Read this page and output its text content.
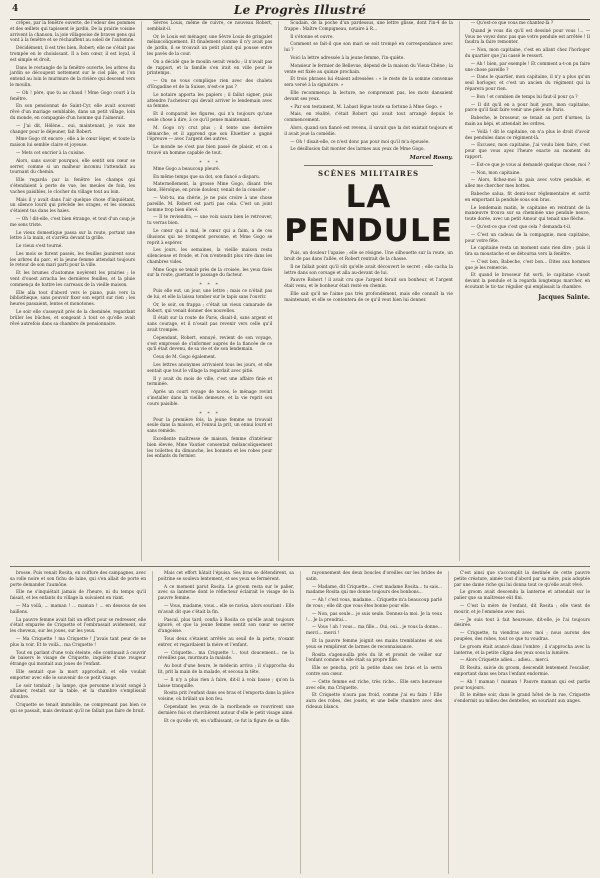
4	Le Progrès Illustré

crêpes, par la fenêtre ouverte, de l'odeur des pommes et des œillets qui tapissent le jardin. De la prairie voisine arrivent la chanson, la joie villageoise de braves gens qui vont à la fenêtre et se réchauffent au soleil de l'automne.

Décidément, il est très bien, Robert; elle ne s'était pas trompée en le choisissant. Il a bon cœur, il est loyal, il est simple et droit.

Dans le rectangle de la fenêtre ouverte, les arbres du jardin se découpent nettement sur le ciel pâle, et l'on entend au loin le murmure de la rivière qui descend vers le moulin.

— Oh ! père, que tu as chaud ! Mme Gogo court à la fenêtre.

En son pensionnat de Saint-Cyr, elle avait souvent rêvé d'un mariage semblable, dans un petit village, loin du monde, en compagnie d'un homme qui l'aimerait.

— J'ai dit, Hélène... oui, maintenant, je vais me changer pour le déjeuner, fait Robert.

Mme Gogo rit encore ; elle a le cœur léger, et toute la maison lui semble claire et joyeuse.

— Mets cet encrier à la cuisine.

Alors, sans savoir pourquoi, elle sentit son cœur se serrer, comme si un malheur inconnu l'attendait au tournant du chemin.

Elle regarda par la fenêtre les champs qui s'étendaient à perte de vue, les meules de foin, les vaches paisibles, le clocher du village tout au loin.

Mais il y avait dans l'air quelque chose d'inquiétant, un silence lourd qui précède les orages, et les oiseaux s'étaient tus dans les haies.

— Oh ! dit-elle, c'est bien étrange, et tout d'un coup je me sens triste.

Le vieux domestique passa sur la route, portant une lettre à la main, et s'arrêta devant la grille.

Le vieux s'est tourné.

Les mois se furent passés, les feuilles jaunirent sous les arbres du parc, et la jeune femme attendait toujours le retour de son mari parti pour la ville.

Et les brumes d'automne noyèrent les prairies ; le vent d'ouest arracha les dernières feuilles, et la pluie commença de battre les carreaux de la vieille maison.

Elle alla tout d'abord vers le piano, puis vers la bibliothèque, sans pouvoir fixer son esprit sur rien ; les heures passaient, lentes et monotones.

Le soir elle s'asseyait près de la cheminée, regardant brûler les bûches, et songeant à tout ce qu'elle avait rêvé autrefois dans sa chambre de pensionnaire.

Sèvres Louis, même de cuivre, ce nouveau Robert, semblait-il.

Or, le Louis est ménager, une Sèvre Louis de gringalet mélancoliquement. Et finalement comme il n'y avait pas de jardin, il se trouvait un petit plant qui pousse entre les pavés de la cour.

On a décidé que le moulin serait vendu ; il n'avait pas de rapport, et la famille s'en irait en ville pour le printemps.

— On ne vous complique rien avec des chalets d'Engadine et de la Suisse, n'est-ce pas ?

Le notaire apporta les papiers ; il fallut signer, puis attendre l'acheteur qui devait arriver le lendemain avec sa femme.

Et il comparait les figures, qui n'a toujours qu'une seule chose à dire, à ce qu'il pense maintenant.

M. Gogo n'y crut plus ; il tente une dernière démarche, et il apprend que son Eluettier a gagné l'épreuve — avec l'argent des autres.

Le monde ne s'est pas bien passé de plaisir, et on a trouvé un homme capable de tout.

* * *

Mme Gogo a beaucoup pleuré.

En même temps que sa dot, son fiancé a disparu.

Maternellement, la grosse Mme Gogo, disant très bien, Héroïque, en proie douleur, venait de la consoler :

— Voit-tu, ma chérie, je ne puis croire à une chose pareille. M. Robert est parti pas cela. C'est un joint homme trop bien élevé.

— Il te reviendra, — une voix saura bien le retrouver, tu verras bien.

Le cœur qui a mal, le cœur qui a faim, a de ces illusions qui ne trompent personne, et Mme Gogo se reprit à espérer.

Les jours, les semaines, la vieille maison resta silencieuse et froide, et l'on n'entendit plus rire dans les chambres vides.

Mme Gogo se tenait près de la croisée, les yeux fixés sur la route, guettant le passage du facteur.

* * *

Puis elle eut, un jour, une lettre ; mais ce n'était pas de lui, et elle la laissa tomber sur le tapis sans l'ouvrir.

Or, le soir, on frappa ; c'était un vieux camarade de Robert, qui venait donner des nouvelles.

Il était sur la route de Paris, disait-il, sans argent et sans courage, et il n'osait pas revenir vers celle qu'il avait trompée.

Cependant, Robert, ennuyé, revient de son voyage, s'est empressé de s'informer auprès de la fiancée de ce qu'il était devenu, de sa vie et de son lendemain.

Ceux de M. Gogo également.

Les lettres anonymes arrivaient tous les jours, et elle sentait que tout le village la regardait avec pitié.

Il y avait du mois de ville, c'est une affaire finie et terminée.

Après un court voyage de noces, le ménage revint s'installer dans la vieille demeure, et la vie reprit son cours paisible.

* * *

Pour la première fois, la jeune femme se trouvait seule dans la maison, et l'ennui la prit, un ennui lourd et sans remède.

Excellente maîtresse de maison, femme d'intérieur bien élevée, Mme Vautier consentait mélancoliquement les toilettes du dimanche, les bonnets et les robes pour les enfants du fermier.

Scudain, de la poche d'un pardessus, une lettre glisse, dont l'in-4 de la frappe : Maître Compigneau, notaire à R...

Il s'étonne et ouvre.

Comment se fait-il que son mari se soit trompé en correspondance avec lui ?

Voici la lettre adressée à la jeune femme, l'in-quiète.

Monsieur le fermier de Bellevue, dépend de la maison du Vieux-Chêne ; la vente est fixée au quinze prochain.

Et trois phrases lui étaient adressées : « le reste de la somme convenue sera versé à la signature. »

Elle recommença la lecture, ne comprenant pas, les mots dansaient devant ses yeux.

« Par son testament, M. Labast lègue toute sa fortune à Mme Gogo. »

Mais, en réalité, c'était Robert qui avait tout arrangé depuis le commencement.

Alors, quand son fiancé est revenu, il savait que la dot existait toujours et il avait joué la comédie.

— Oh ! disait-elle, ce n'est donc pas pour moi qu'il m'a épousée.

Le désillusion fait monter des larmes aux yeux de Mme Gogo.

Marcel Rosny.
SCÈNES MILITAIRES
LA PENDULE

Puis, un douleur l'apaise ; elle se résigne. Une silhouette sur la route, un bruit de pas dans l'allée, et Robert rentrait de la chasse.

Il ne fallait point qu'il sût qu'elle avait découvert le secret ; elle cacha la lettre dans son corsage et alla au-devant de lui.

Pauvre Robert ! il avait cru que l'argent ferait son bonheur, et l'argent était venu, et le bonheur était resté en chemin.

Elle sait qu'il ne l'aime pas très profondément, mais elle connaît la vie maintenant, et elle se contentera de ce qu'il veut bien lui donner.

— Qu'est-ce que vous me chantez-là ?

Quand je vous dis qu'il est dessiné pour vous !... — Vous ne voyez donc pas que votre pendule est arrêtée ! Il faudra la faire remonter.

— Non, mon capitaine, c'est en allant chez l'horloger du quartier que j'ai cassé le ressort.

— Ah ! bien, par exemple ! Et comment a-t-on pu faire une chose pareille ?

— Dans le quartier, mon capitaine, il n'y a plus qu'un seul horloger, et c'est un ancien du régiment qui la réparera pour rien.

— Bon ! et combien de temps lui faut-il pour ça ?

— Il dit qu'il en a pour huit jours, mon capitaine, parce qu'il faut faire venir une pièce de Paris.

Babeche, le brosseur, se tenait au port d'armes, la main au képi, et attendait les ordres.

— Voilà ! dit le capitaine, on n'a plus le droit d'avoir des pendules dans ce régiment-là.

— Excusez, mon capitaine, j'ai voulu bien faire, c'est pour que vous ayez l'heure exacte au moment du rapport.

— Est-ce que je vous ai demandé quelque chose, moi ?

— Non, mon capitaine.

— Alors, fichez-moi la paix avec votre pendule, et allez me chercher mes bottes.

Babeche salua, fit demi-tour réglementaire et sortit en emportant la pendule sous son bras.

Le lendemain matin, le capitaine en rentrant de la manœuvre trouva sur sa cheminée une pendule neuve, toute dorée, avec un petit Amour qui tenait une flèche.

— Qu'est-ce que c'est que cela ? demanda-t-il.

— C'est un cadeau de la compagnie, mon capitaine, pour votre fête.

Le capitaine resta un moment sans rien dire ; puis il tira sa moustache et se détourna vers la fenêtre.

— C'est bon, Babeche, c'est bon... Dites aux hommes que je les remercie.

Et quand le brosseur fut sorti, le capitaine s'assit devant la pendule et la regarda longtemps marcher, en écoutant le tic-tac régulier qui emplissait la chambre.

Jacques Sainte.

brosse. Puis venait Rosita, en coiffure des campagnes, avec sa rolle noire et son fichu de laine, qui s'en allait de porte en porte demander l'aumône.

Elle ne s'inquiétait jamais de l'heure, ni du temps qu'il faisait, et les enfants du village la suivaient en riant.

— Ma voilà, ... maman ! ... maman ! ... en dessous de ses haillons.

La pauvre femme avait fait un effort pour se redresser, elle s'était emparée de Criquette et l'embrassait avidement, sur les cheveux, sur les joues, sur les yeux.

— Ma Criquette ! ma Criquette ! J'avais tant peur de ne plus la voir. Et te voilà... ma Criquette !

Tout en parlant d'une voix éteinte, elle continuait à couvrir de baisers le visage de Criquette, inquiète d'une rougeur étrange qui montait aux joues de l'enfant.

Elle sentait que la mort approchait, et elle voulait emporter avec elle le souvenir de ce petit visage.

Le soir tombait ; la lampe, que personne n'avait songé à allumer, restait sur la table, et la chambre s'emplissait d'ombre.

Criquette se tenait immobile, ne comprenant pas bien ce qui se passait, mais devinant qu'il ne fallait pas faire de bruit.

Mais cet effort hâtait l'épuisa. Ses bras se détendirent, sa poitrine se souleva lentement, et ses yeux se fermèrent.

A ce moment parut Rosita. Le groom resta sur le palier, avec sa lanterne dont le réflecteur éclairait le visage de la pauvre femme.

— Vous, madame, vous... elle se ravisa, alors souriant : Elle m'avait dit que c'était la fin.

Pascal, plus tard, confia à Rosita ce qu'elle avait toujours ignoré, et que la jeune femme sentit son cœur se serrer d'angoisse.

Tous deux s'étaient arrêtés au seuil de la porte, n'osant entrer, et regardaient la mère et l'enfant.

— Criquette... ma Criquette !... tout doucement... ne la réveillez pas, murmura la malade.

Au bout d'une heure, le médecin arriva ; il s'approcha du lit, prit la main de la malade, et secoua la tête.

— Il n'y a plus rien à faire, dit-il à voix basse ; qu'on la laisse tranquille.

Rosita prit l'enfant dans ses bras et l'emporta dans la pièce voisine, où brûlait un bon feu.

Cependant les yeux de la moribonde se rouvrirent une dernière fois et cherchèrent autour d'elle le petit visage aimé.

Et ce qu'elle vit, en s'affaissant, ce fut la figure de sa fille.

rayonnement des deux boucles d'oreilles sur les brides de satin.

— Madame, dit Criquette... c'est madame Rosita... tu sais... madame Rosita qui me donne toujours des bonbons...

— Ah ! c'est vous, madame... Criquette m'a beaucoup parlé de vous ; elle dit que vous êtes bonne pour elle.

— Non, pas seule... je suis seule. Donnez-la moi. Je la veux !... Je la prendrai...

— Vous ! ah ! vous... ma fille... Oui, oui... je vous la donne... merci... merci !

Et la pauvre femme joignit ses mains tremblantes et ses yeux se remplirent de larmes de reconnaissance.

Rosita s'agenouilla près du lit et promit de veiller sur l'enfant comme si elle était sa propre fille.

Elle se pencha, prit la petite dans ses bras et la serra contre son cœur.

— Cette femme est riche, très riche... Elle sera heureuse avec elle, ma Criquette.

Et Criquette n'aura pas froid, comme j'ai eu faim ! Elle aura des robes, des jouets, et une belle chambre avec des rideaux blancs.

C'est ainsi que s'accomplit la destinée de cette pauvre petite créature, aimée tout d'abord par sa mère, puis adoptée par une dame riche qui lui donna tout ce qu'elle avait rêvé.

Le groom avait descendu la lanterne et attendait sur le palier que sa maîtresse eût fini.

— C'est la mère de l'enfant, dit Rosita ; elle vient de mourir, et je l'emmène avec moi.

— Je suis tout à fait heureuse, dit-elle, je l'ai toujours désirée.

— Criquette, tu viendras avec moi ; nous aurons des poupées, des robes, tout ce que tu voudras.

Le groom était avancé dans l'ombre ; il s'approcha avec la lanterne, et la petite cligna des yeux sous la lumière.

— Alors Criquette adieu... adieu... merci.

Et Rosita, suivie du groom, descendit lentement l'escalier, emportant dans ses bras l'enfant endormie.

— Ah ! maman ! maman ! Pauvre maman qui est partie pour toujours.

Et le même soir, dans le grand hôtel de la rue, Criquette s'endormit au milieu des dentelles, en souriant aux anges.
